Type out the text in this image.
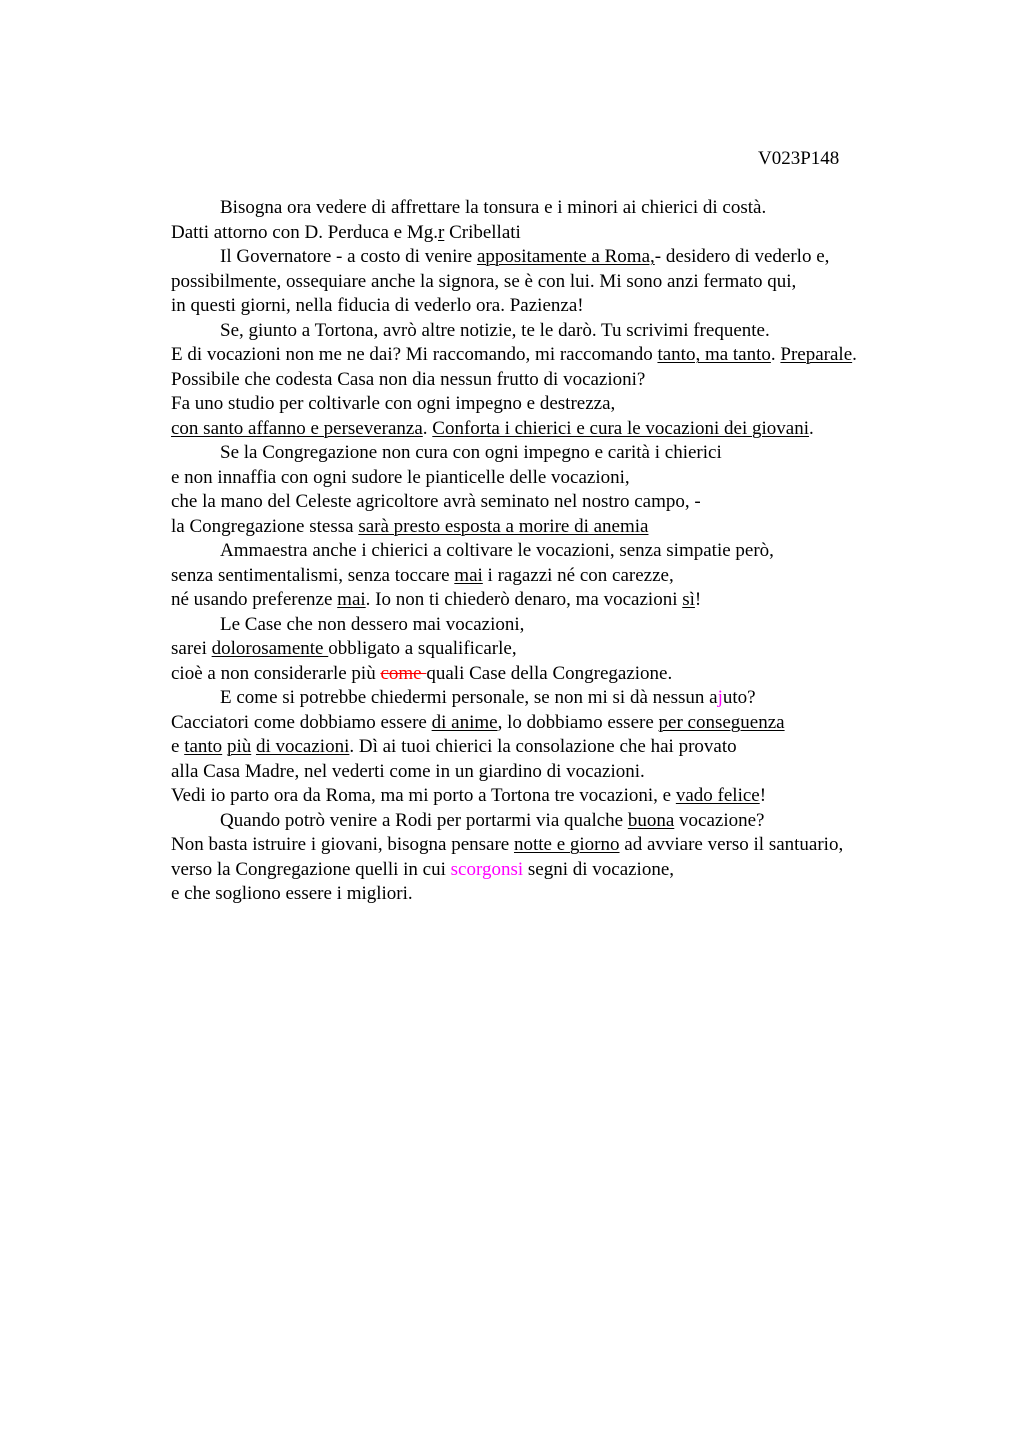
V023P148
Bisogna ora vedere di affrettare la tonsura e i minori ai chierici di costà.
Datti attorno con D. Perduca e Mg.r Cribellati
Il Governatore - a costo di venire appositamente a Roma,- desidero di vederlo e,
possibilmente, ossequiare anche la signora, se è con lui. Mi sono anzi fermato qui,
in questi giorni, nella fiducia di vederlo ora. Pazienza!
Se, giunto a Tortona, avrò altre notizie, te le darò. Tu scrivimi frequente.
E di vocazioni non me ne dai? Mi raccomando, mi raccomando tanto, ma tanto. Preparale.
Possibile che codesta Casa non dia nessun frutto di vocazioni?
Fa uno studio per coltivarle con ogni impegno e destrezza,
con santo affanno e perseveranza. Conforta i chierici e cura le vocazioni dei giovani.
Se la Congregazione non cura con ogni impegno e carità i chierici
e non innaffia con ogni sudore le pianticelle delle vocazioni,
che la mano del Celeste agricoltore avrà seminato nel nostro campo, -
la Congregazione stessa sarà presto esposta a morire di anemia
Ammaestra anche i chierici a coltivare le vocazioni, senza simpatie però,
senza sentimentalismi, senza toccare mai i ragazzi né con carezze,
né usando preferenze mai. Io non ti chiederò denaro, ma vocazioni sì!
Le Case che non dessero mai vocazioni,
sarei dolorosamente obbligato a squalificarle,
cioè a non considerarle più come quali Case della Congregazione.
E come si potrebbe chiedermi personale, se non mi si dà nessun ajuto?
Cacciatori come dobbiamo essere di anime, lo dobbiamo essere per conseguenza
e tanto più di vocazioni. Dì ai tuoi chierici la consolazione che hai provato
alla Casa Madre, nel vederti come in un giardino di vocazioni.
Vedi io parto ora da Roma, ma mi porto a Tortona tre vocazioni, e vado felice!
Quando potrò venire a Rodi per portarmi via qualche buona vocazione?
Non basta istruire i giovani, bisogna pensare notte e giorno ad avviare verso il santuario,
verso la Congregazione quelli in cui scorgonsi segni di vocazione,
e che sogliono essere i migliori.
